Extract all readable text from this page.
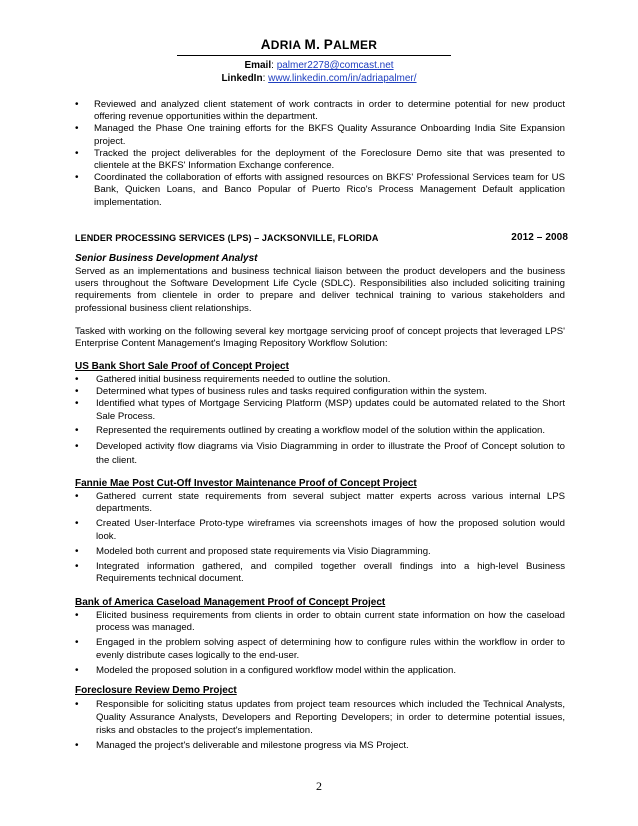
ADRIA M. PALMER
Email: palmer2278@comcast.net
LinkedIn: www.linkedin.com/in/adriapalmer/
• Reviewed and analyzed client statement of work contracts in order to determine potential for new product offering revenue opportunities within the department.
• Managed the Phase One training efforts for the BKFS Quality Assurance Onboarding India Site Expansion project.
• Tracked the project deliverables for the deployment of the Foreclosure Demo site that was presented to clientele at the BKFS' Information Exchange conference.
• Coordinated the collaboration of efforts with assigned resources on BKFS' Professional Services team for US Bank, Quicken Loans, and Banco Popular of Puerto Rico's Process Management Default application implementation.
LENDER PROCESSING SERVICES (LPS) – JACKSONVILLE, FLORIDA	2012 – 2008
Senior Business Development Analyst
Served as an implementations and business technical liaison between the product developers and the business users throughout the Software Development Life Cycle (SDLC). Responsibilities also included soliciting training requirements from clientele in order to prepare and deliver technical training to various stakeholders and professional business client relationships.
Tasked with working on the following several key mortgage servicing proof of concept projects that leveraged LPS' Enterprise Content Management's Imaging Repository Workflow Solution:
US Bank Short Sale Proof of Concept Project
• Gathered initial business requirements needed to outline the solution.
• Determined what types of business rules and tasks required configuration within the system.
• Identified what types of Mortgage Servicing Platform (MSP) updates could be automated related to the Short Sale Process.
• Represented the requirements outlined by creating a workflow model of the solution within the application.
• Developed activity flow diagrams via Visio Diagramming in order to illustrate the Proof of Concept solution to the client.
Fannie Mae Post Cut-Off Investor Maintenance Proof of Concept Project
• Gathered current state requirements from several subject matter experts across various internal LPS departments.
• Created User-Interface Proto-type wireframes via screenshots images of how the proposed solution would look.
• Modeled both current and proposed state requirements via Visio Diagramming.
• Integrated information gathered, and compiled together overall findings into a high-level Business Requirements technical document.
Bank of America Caseload Management Proof of Concept Project
• Elicited business requirements from clients in order to obtain current state information on how the caseload process was managed.
• Engaged in the problem solving aspect of determining how to configure rules within the workflow in order to evenly distribute cases logically to the end-user.
• Modeled the proposed solution in a configured workflow model within the application.
Foreclosure Review Demo Project
• Responsible for soliciting status updates from project team resources which included the Technical Analysts, Quality Assurance Analysts, Developers and Reporting Developers; in order to determine potential issues, risks and obstacles to the project's implementation.
• Managed the project's deliverable and milestone progress via MS Project.
2
